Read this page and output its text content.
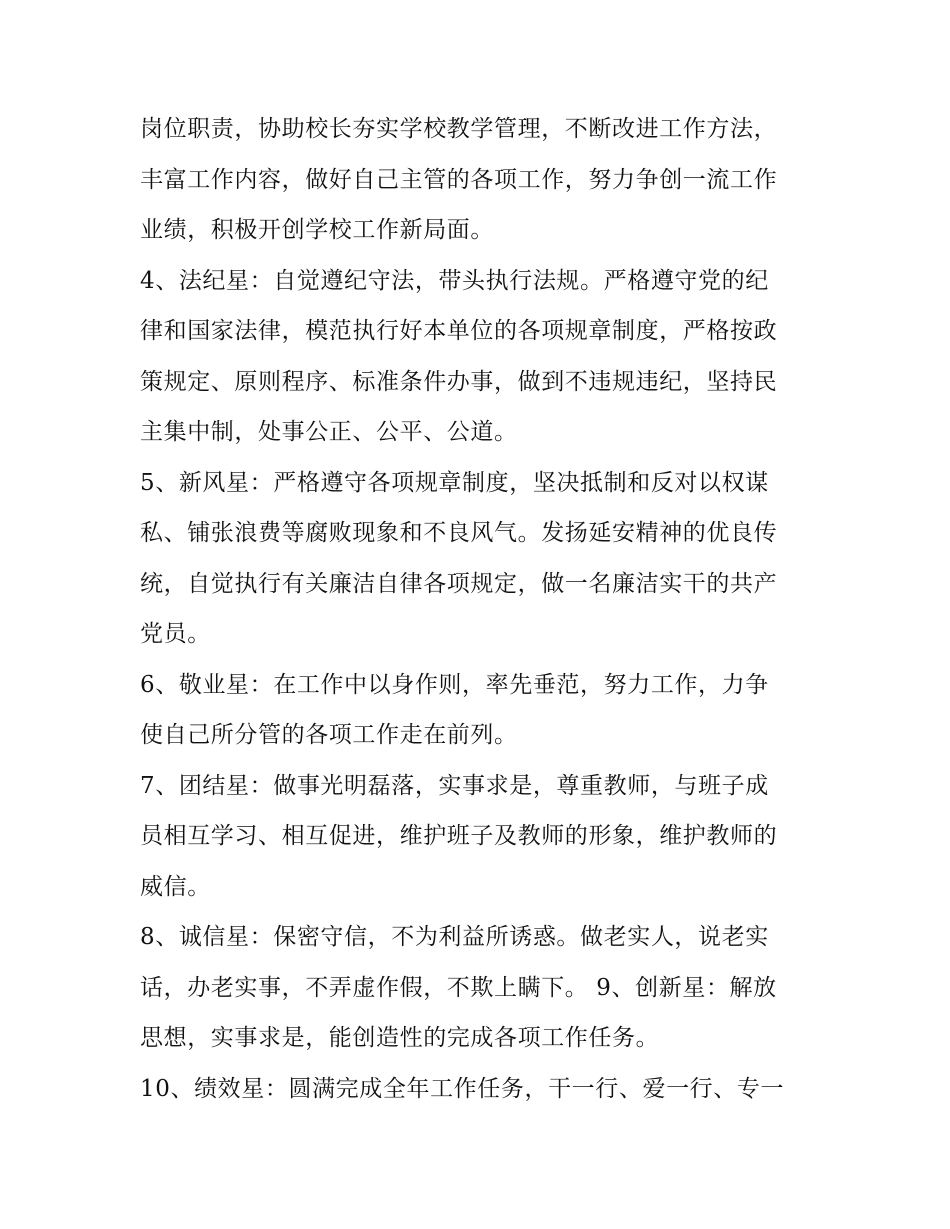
岗位职责，协助校长夯实学校教学管理，不断改进工作方法，
丰富工作内容，做好自己主管的各项工作，努力争创一流工作
业绩，积极开创学校工作新局面。
4、法纪星：自觉遵纪守法，带头执行法规。严格遵守党的纪
律和国家法律，模范执行好本单位的各项规章制度，严格按政
策规定、原则程序、标准条件办事，做到不违规违纪，坚持民
主集中制，处事公正、公平、公道。
5、新风星：严格遵守各项规章制度，坚决抵制和反对以权谋
私、铺张浪费等腐败现象和不良风气。发扬延安精神的优良传
统，自觉执行有关廉洁自律各项规定，做一名廉洁实干的共产
党员。
6、敬业星：在工作中以身作则，率先垂范，努力工作，力争
使自己所分管的各项工作走在前列。
7、团结星：做事光明磊落，实事求是，尊重教师，与班子成
员相互学习、相互促进，维护班子及教师的形象，维护教师的
威信。
8、诚信星：保密守信，不为利益所诱惑。做老实人，说老实
话，办老实事，不弄虚作假，不欺上瞒下。 9、创新星：解放
思想，实事求是，能创造性的完成各项工作任务。
10、绩效星：圆满完成全年工作任务，干一行、爱一行、专一
